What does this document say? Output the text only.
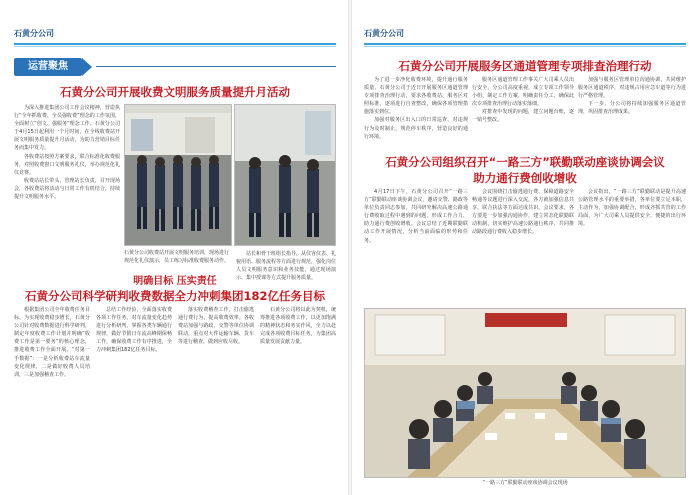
石黄分公司
运营聚焦
石黄分公司开展收费文明服务质量提升月活动

为深入推进集团公司工作会议精神，营造执行“全年抓收费、全员强收费”理念的工作氛围，全面树立“创文、强服务”理念工作。石黄分公司于4月15日起利用一个月时间，在全线收费站开展文明服务质量提升月活动，为助力营销目标任务而集中发力。

各收费站按照方案要求，联合标准化收费服务，对照收费窗口文明服务礼仪，举办规范化礼仪竞赛。

收费站站长带头、管理站长负责，召开现场会，各收费站将活动与日常工作有机结合，持续提升文明服务水平。

石黄分公司收费站开展文明服务培训，现场进行规范化礼仪演示，员工练习标准收费服务动作。

站长和骨干班组长指导，从仪容仪表、礼貌用语、服务流程等方面进行规范，强化岗位人员文明服务意识和业务技能，通过现场演示、集中授课等方式提升服务质量。

明确目标 压实责任
石黄分公司科学研判收费数据全力冲刺集团182亿任务目标

根据集团公司全年收费任务目标，为实现收费稳步增长，石黄分公司针对收费数据进行科学研判，制定年度收费工作计划并明确“收费工作是第一要务”的核心理念，推进收费工作全面开展。“对第一手数据”：一是分析收费站车流量变化规律，二是做好收费人员培训，三是加强稽查工作。

总结工作经验，全面落实收费各项工作任务，对车流量变化趋势进行分析研判，掌握各类车辆通行规律，做好节假日车流高峰期保畅工作，确保收费工作有序推进，全力冲刺集团182亿任务目标。

落实收费稽查工作，打击偷逃通行费行为，提高收费效率。各收费站加强与路政、交警等单位协调联动，重点对大件运输车辆、货车等进行稽查，做到应收尽收。

石黄分公司将以此为契机，统筹推进各项收费工作，以更加饱满的精神状态和务实作风，全力以赴完成各项收费目标任务，为集团高质量发展贡献力量。

石黄分公司
石黄分公司开展服务区通道管理专项排查治理行动

为了进一步净化收费环境，提升通行服务质量，石黄分公司于近日开展服务区通道管理专项排查治理行动，要求各收费站、服务区对照标准，逐项进行自查整改，确保各项管理措施落实到位。

加强对服务区出入口的日常巡查，对违规行为及时制止，规范停车秩序，营造良好的通行环境。

服务区通道管理工作事关广大司乘人员出行安全，分公司高度重视，成立专项工作领导小组，制定工作方案，明确责任分工，确保此次专项排查治理行动落实落细。

对排查中发现的问题，建立问题台账，逐一销号整改。

加强与服务区管理单位沟通协调，共同维护服务区通道秩序，对违规占用应急车道等行为进行严格管理。

下一步，分公司将持续加强服务区通道管理，巩固排查治理成果。

石黄分公司组织召开“一路三方”联勤联动座谈协调会议
助力通行费创收增收

4月17日下午，石黄分公司召开“一路三方”联勤联动座谈协调会议，邀请交警、路政等单位负责同志参加，共同研究解决高速公路通行费收取过程中遇到的问题，形成工作合力，助力通行费创收增收。会议总结了近期联勤联动工作开展情况，分析当前面临的形势和任务。

会议围绕打击偷逃通行费、保障道路安全畅通等议题进行深入交流，各方就加强信息共享、联合执法等方面达成共识。会议要求，各方要进一步加强沟通协作，建立常态化联勤联动机制，切实维护高速公路通行秩序，共同推动路段通行费收入稳步增长。

会议指出，“一路三方”联勤联动是提升高速公路管理水平的重要举措，各单位要立足本职，主动作为，加强协调配合，形成齐抓共管的工作局面，为广大司乘人员提供安全、便捷的出行环境。

“一路三方”联勤联动座谈协调会议现场
